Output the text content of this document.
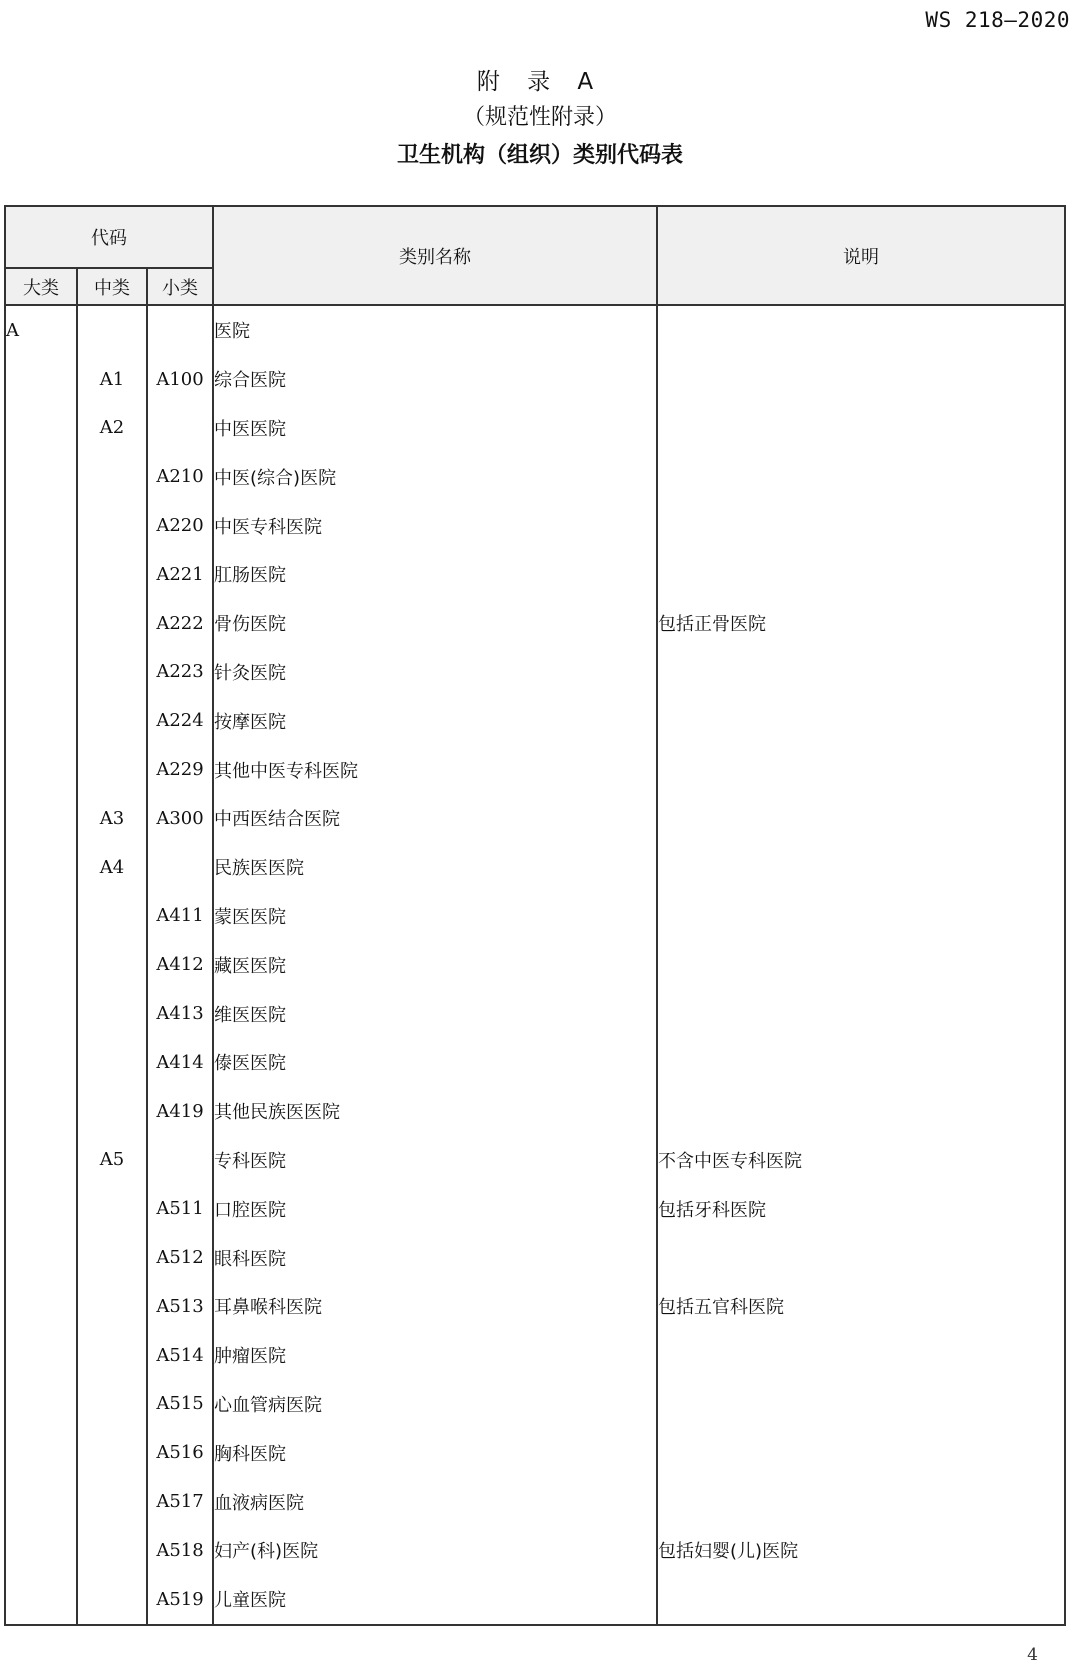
WS 218—2020
附 录 A
（规范性附录）
卫生机构（组织）类别代码表
代码			类别名称	说明
大类	中类	小类		
A			医院	
	A1	A100	综合医院	
	A2		中医医院	
		A210	中医(综合)医院	
		A220	中医专科医院	
		A221	肛肠医院	
		A222	骨伤医院	包括正骨医院
		A223	针灸医院	
		A224	按摩医院	
		A229	其他中医专科医院	
	A3	A300	中西医结合医院	
	A4		民族医医院	
		A411	蒙医医院	
		A412	藏医医院	
		A413	维医医院	
		A414	傣医医院	
		A419	其他民族医医院	
	A5		专科医院	不含中医专科医院
		A511	口腔医院	包括牙科医院
		A512	眼科医院	
		A513	耳鼻喉科医院	包括五官科医院
		A514	肿瘤医院	
		A515	心血管病医院	
		A516	胸科医院	
		A517	血液病医院	
		A518	妇产(科)医院	包括妇婴(儿)医院
		A519	儿童医院	
4
